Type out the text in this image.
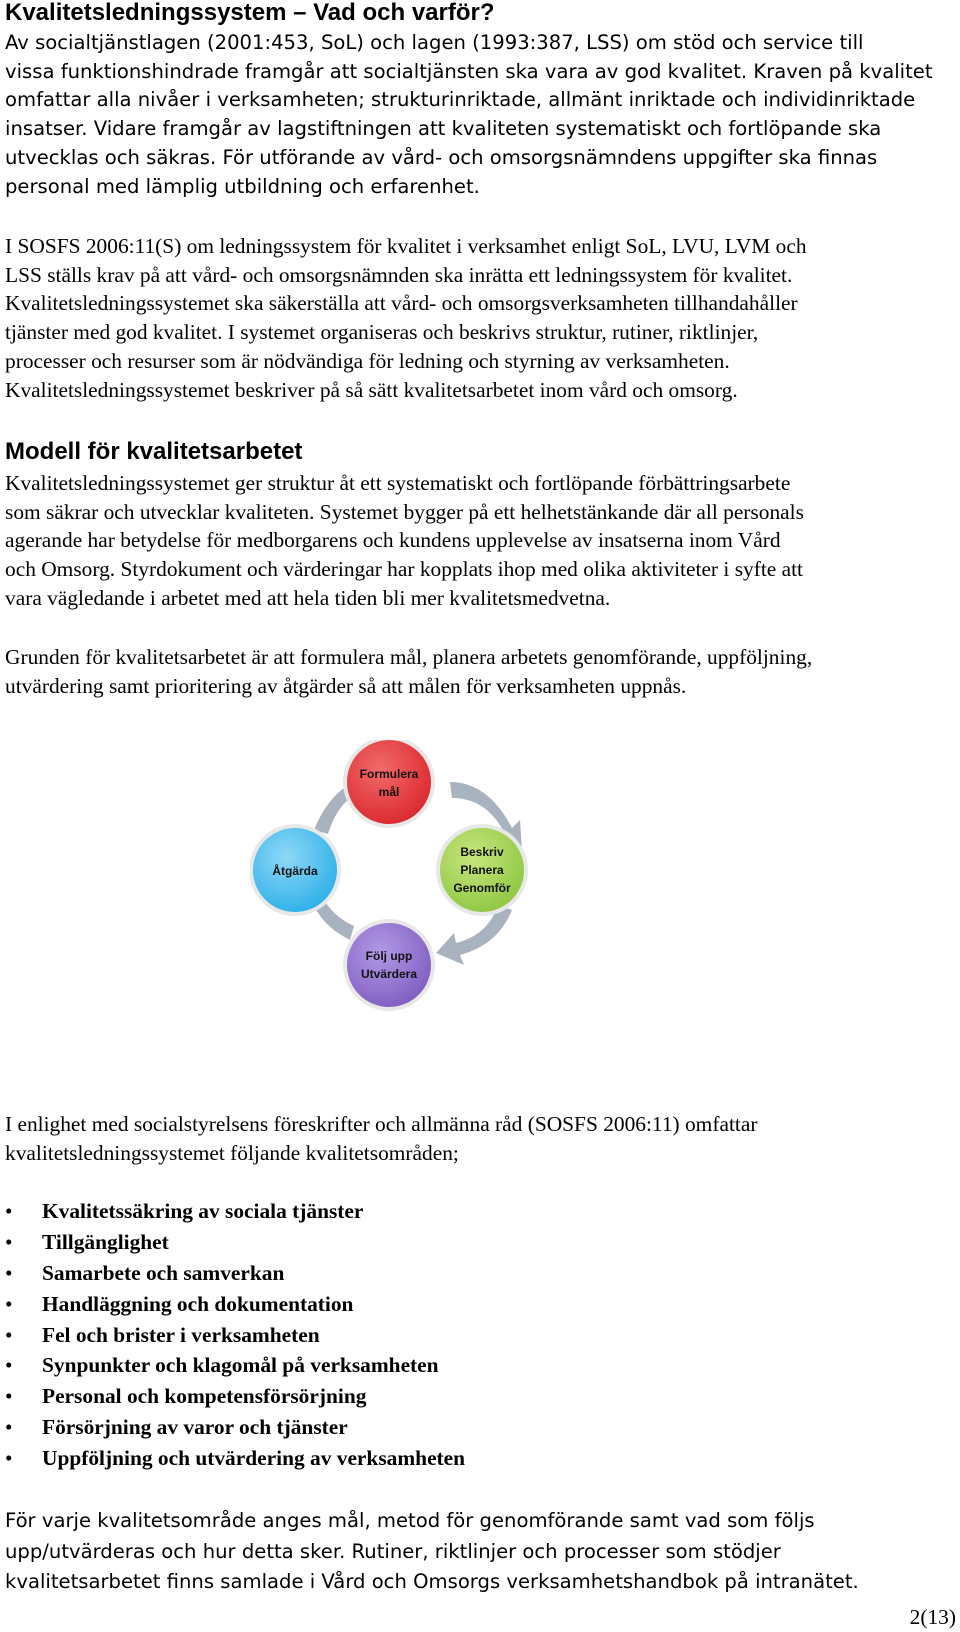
Kvalitetsledningssystem – Vad och varför?

Av socialtjänstlagen (2001:453, SoL) och lagen (1993:387, LSS) om stöd och service till
vissa funktionshindrade framgår att socialtjänsten ska vara av god kvalitet. Kraven på kvalitet
omfattar alla nivåer i verksamheten; strukturinriktade, allmänt inriktade och individinriktade
insatser. Vidare framgår av lagstiftningen att kvaliteten systematiskt och fortlöpande ska
utvecklas och säkras. För utförande av vård- och omsorgsnämndens uppgifter ska finnas
personal med lämplig utbildning och erfarenhet.

I SOSFS 2006:11(S) om ledningssystem för kvalitet i verksamhet enligt SoL, LVU, LVM och
LSS ställs krav på att vård- och omsorgsnämnden ska inrätta ett ledningssystem för kvalitet.
Kvalitetsledningssystemet ska säkerställa att vård- och omsorgsverksamheten tillhandahåller
tjänster med god kvalitet. I systemet organiseras och beskrivs struktur, rutiner, riktlinjer,
processer och resurser som är nödvändiga för ledning och styrning av verksamheten.
Kvalitetsledningssystemet beskriver på så sätt kvalitetsarbetet inom vård och omsorg.

Modell för kvalitetsarbetet

Kvalitetsledningssystemet ger struktur åt ett systematiskt och fortlöpande förbättringsarbete
som säkrar och utvecklar kvaliteten. Systemet bygger på ett helhetstänkande där all personals
agerande har betydelse för medborgarens och kundens upplevelse av insatserna inom Vård
och Omsorg. Styrdokument och värderingar har kopplats ihop med olika aktiviteter i syfte att
vara vägledande i arbetet med att hela tiden bli mer kvalitetsmedvetna.

Grunden för kvalitetsarbetet är att formulera mål, planera arbetets genomförande, uppföljning,
utvärdering samt prioritering av åtgärder så att målen för verksamheten uppnås.

Formulera
mål
Beskriv
Planera
Genomför
Följ upp
Utvärdera
Åtgärda

I enlighet med socialstyrelsens föreskrifter och allmänna råd (SOSFS 2006:11) omfattar
kvalitetsledningssystemet följande kvalitetsområden;

• Kvalitetssäkring av sociala tjänster
• Tillgänglighet
• Samarbete och samverkan
• Handläggning och dokumentation
• Fel och brister i verksamheten
• Synpunkter och klagomål på verksamheten
• Personal och kompetensförsörjning
• Försörjning av varor och tjänster
• Uppföljning och utvärdering av verksamheten

För varje kvalitetsområde anges mål, metod för genomförande samt vad som följs
upp/utvärderas och hur detta sker. Rutiner, riktlinjer och processer som stödjer
kvalitetsarbetet finns samlade i Vård och Omsorgs verksamhetshandbok på intranätet.

2(13)
